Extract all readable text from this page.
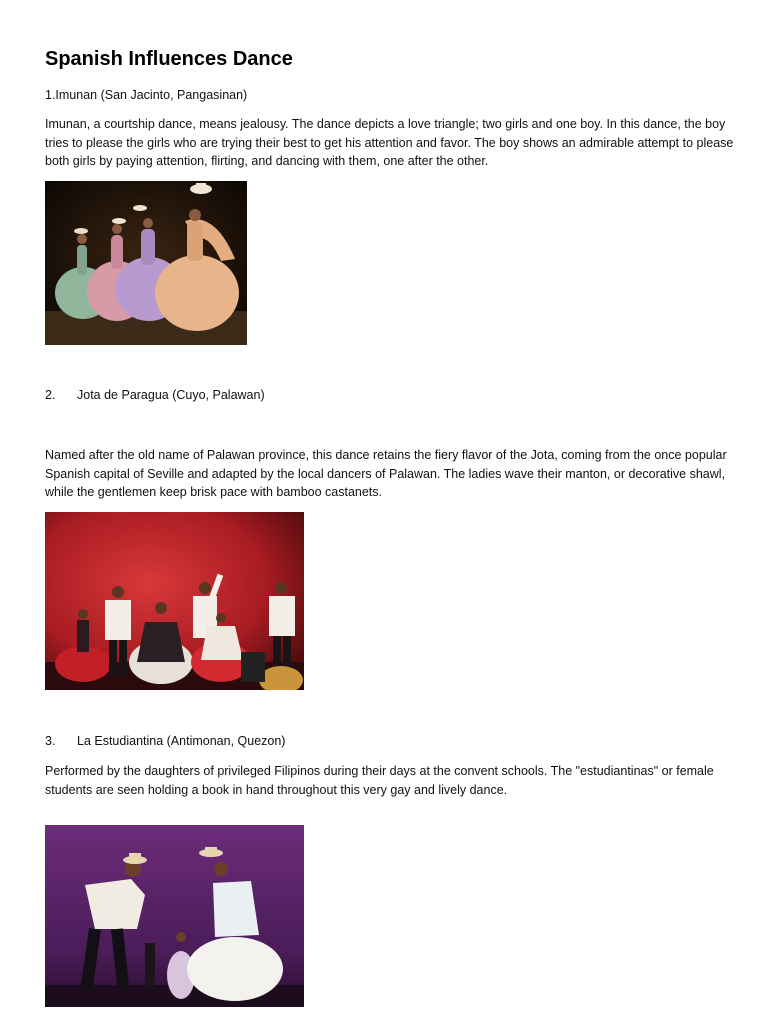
Spanish Influences Dance
1.Imunan (San Jacinto, Pangasinan)
Imunan, a courtship dance, means jealousy. The dance depicts a love triangle; two girls and one boy. In this dance, the boy tries to please the girls who are trying their best to get his attention and favor. The boy shows an admirable attempt to please both girls by paying attention, flirting, and dancing with them, one after the other.
2. Jota de Paragua (Cuyo, Palawan)
Named after the old name of Palawan province, this dance retains the fiery flavor of the Jota, coming from the once popular Spanish capital of Seville and adapted by the local dancers of Palawan. The ladies wave their manton, or decorative shawl, while the gentlemen keep brisk pace with bamboo castanets.
3. La Estudiantina (Antimonan, Quezon)
Performed by the daughters of privileged Filipinos during their days at the convent schools. The "estudiantinas" or female students are seen holding a book in hand throughout this very gay and lively dance.
